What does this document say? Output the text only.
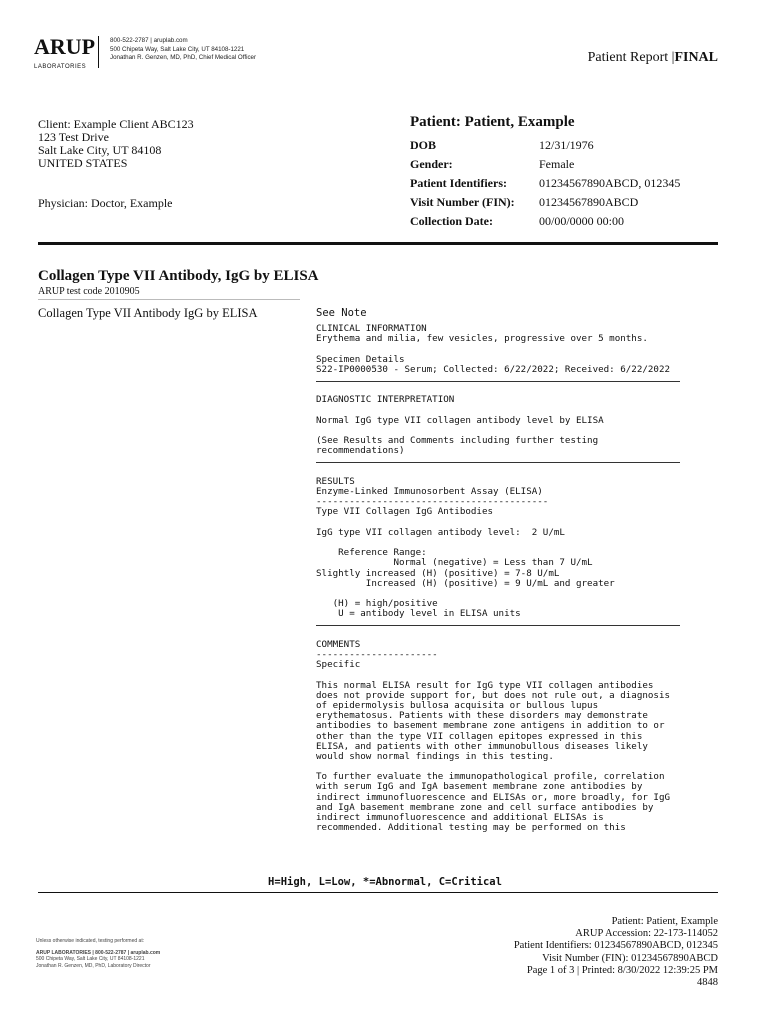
ARUP
LABORATORIES
800-522-2787 | aruplab.com
500 Chipeta Way, Salt Lake City, UT 84108-1221
Jonathan R. Genzen, MD, PhD, Chief Medical Officer	Patient Report |FINAL
Client: Example Client ABC123
123 Test Drive
Salt Lake City, UT 84108
UNITED STATES
Physician: Doctor, Example
Patient: Patient, Example
DOB	12/31/1976
Gender:	Female
Patient Identifiers:	01234567890ABCD, 012345
Visit Number (FIN): 01234567890ABCD
Collection Date:	00/00/0000 00:00
Collagen Type VII Antibody, IgG by ELISA
ARUP test code 2010905
Collagen Type VII Antibody IgG by ELISA	See Note
CLINICAL INFORMATION
Erythema and milia, few vesicles, progressive over 5 months.
Specimen Details
S22-IP0000530 - Serum; Collected: 6/22/2022; Received: 6/22/2022
DIAGNOSTIC INTERPRETATION
Normal IgG type VII collagen antibody level by ELISA
(See Results and Comments including further testing
recommendations)
RESULTS
Enzyme-Linked Immunosorbent Assay (ELISA)
------------------------------------------
Type VII Collagen IgG Antibodies
IgG type VII collagen antibody level:  2 U/mL
Reference Range:
Normal (negative) = Less than 7 U/mL
Slightly increased (H) (positive) = 7-8 U/mL
Increased (H) (positive) = 9 U/mL and greater
(H) = high/positive
U = antibody level in ELISA units
COMMENTS
----------------------
Specific
This normal ELISA result for IgG type VII collagen antibodies
does not provide support for, but does not rule out, a diagnosis
of epidermolysis bullosa acquisita or bullous lupus
erythematosus. Patients with these disorders may demonstrate
antibodies to basement membrane zone antigens in addition to or
other than the type VII collagen epitopes expressed in this
ELISA, and patients with other immunobullous diseases likely
would show normal findings in this testing.
To further evaluate the immunopathological profile, correlation
with serum IgG and IgA basement membrane zone antibodies by
indirect immunofluorescence and ELISAs or, more broadly, for IgG
and IgA basement membrane zone and cell surface antibodies by
indirect immunofluorescence and additional ELISAs is
recommended. Additional testing may be performed on this
H=High, L=Low, *=Abnormal, C=Critical
Unless otherwise indicated, testing performed at:
ARUP LABORATORIES | 800-522-2787 | aruplab.com
500 Chipeta Way, Salt Lake City, UT 84108-1221
Jonathan R. Genzen, MD, PhD, Laboratory Director
Patient: Patient, Example
ARUP Accession: 22-173-114052
Patient Identifiers: 01234567890ABCD, 012345
Visit Number (FIN): 01234567890ABCD
Page 1 of 3 | Printed: 8/30/2022 12:39:25 PM
4848
